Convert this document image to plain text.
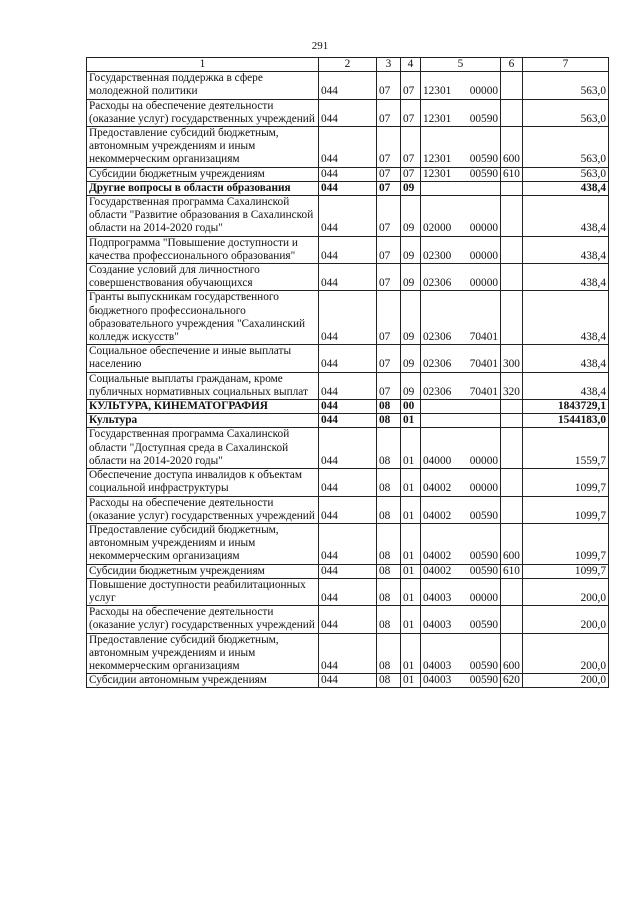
291
1	2	3	4	5	6	7
Государственная поддержка в сфере молодежной политики	044	07	07	12301 00000		563,0
Расходы на обеспечение деятельности (оказание услуг) государственных учреждений	044	07	07	12301 00590		563,0
Предоставление субсидий бюджетным, автономным учреждениям и иным некоммерческим организациям	044	07	07	12301 00590	600	563,0
Субсидии бюджетным учреждениям	044	07	07	12301 00590	610	563,0
Другие вопросы в области образования	044	07	09			438,4
Государственная программа Сахалинской области "Развитие образования в Сахалинской области на 2014-2020 годы"	044	07	09	02000 00000		438,4
Подпрограмма "Повышение доступности и качества профессионального образования"	044	07	09	02300 00000		438,4
Создание условий для личностного совершенствования обучающихся	044	07	09	02306 00000		438,4
Гранты выпускникам государственного бюджетного профессионального образовательного учреждения "Сахалинский колледж искусств"	044	07	09	02306 70401		438,4
Социальное обеспечение и иные выплаты населению	044	07	09	02306 70401	300	438,4
Социальные выплаты гражданам, кроме публичных нормативных социальных выплат	044	07	09	02306 70401	320	438,4
КУЛЬТУРА, КИНЕМАТОГРАФИЯ	044	08	00			1843729,1
Культура	044	08	01			1544183,0
Государственная программа Сахалинской области "Доступная среда в Сахалинской области на 2014-2020 годы"	044	08	01	04000 00000		1559,7
Обеспечение доступа инвалидов к объектам социальной инфраструктуры	044	08	01	04002 00000		1099,7
Расходы на обеспечение деятельности (оказание услуг) государственных учреждений	044	08	01	04002 00590		1099,7
Предоставление субсидий бюджетным, автономным учреждениям и иным некоммерческим организациям	044	08	01	04002 00590	600	1099,7
Субсидии бюджетным учреждениям	044	08	01	04002 00590	610	1099,7
Повышение доступности реабилитационных услуг	044	08	01	04003 00000		200,0
Расходы на обеспечение деятельности (оказание услуг) государственных учреждений	044	08	01	04003 00590		200,0
Предоставление субсидий бюджетным, автономным учреждениям и иным некоммерческим организациям	044	08	01	04003 00590	600	200,0
Субсидии автономным учреждениям	044	08	01	04003 00590	620	200,0
